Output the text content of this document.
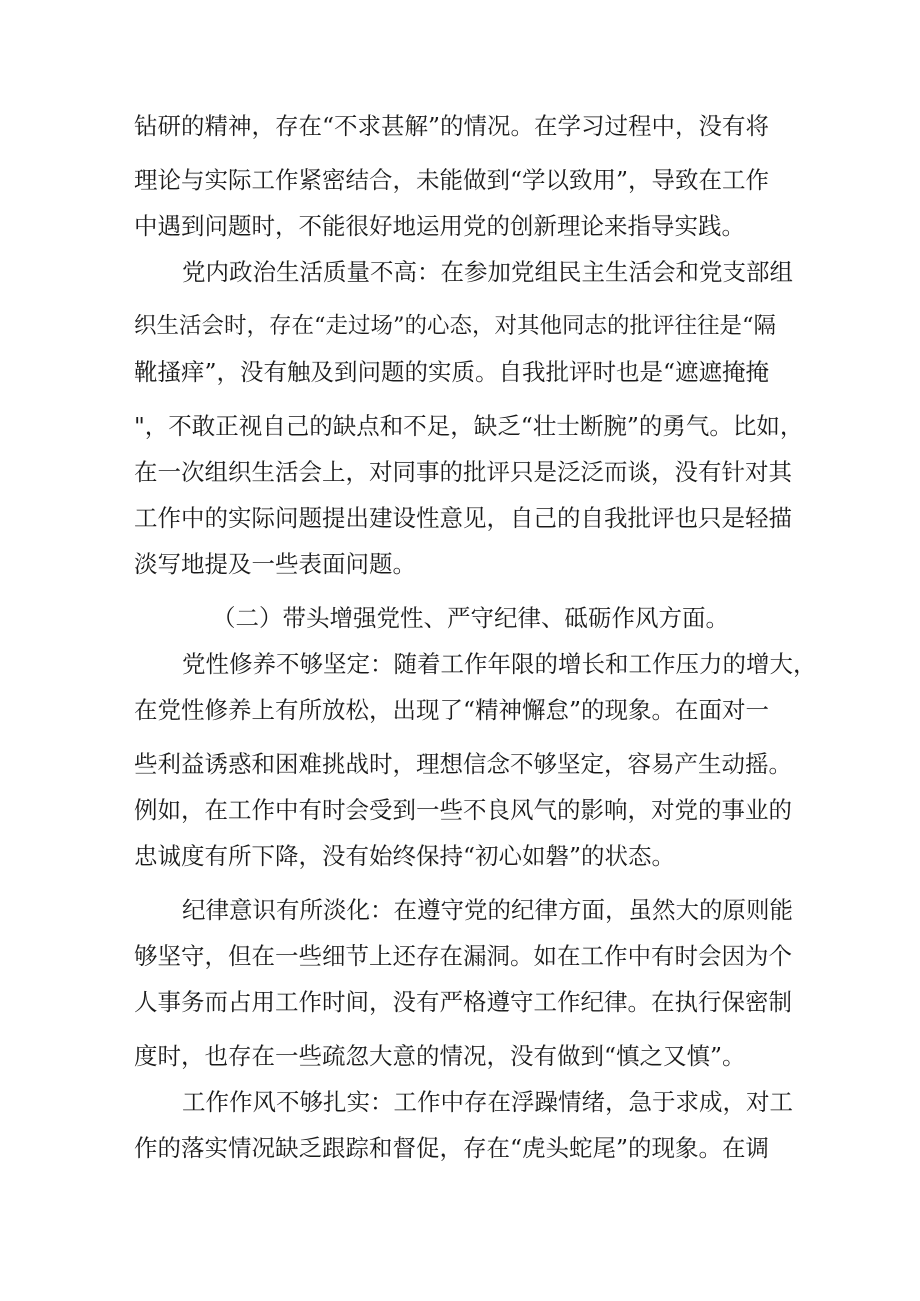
钻研的精神，存在“不求甚解”的情况。在学习过程中，没有将
理论与实际工作紧密结合，未能做到“学以致用”，导致在工作
中遇到问题时，不能很好地运用党的创新理论来指导实践。
党内政治生活质量不高：在参加党组民主生活会和党支部组
织生活会时，存在“走过场”的心态，对其他同志的批评往往是“隔
靴搔痒”，没有触及到问题的实质。自我批评时也是“遮遮掩掩
"，不敢正视自己的缺点和不足，缺乏“壮士断腕”的勇气。比如，
在一次组织生活会上，对同事的批评只是泛泛而谈，没有针对其
工作中的实际问题提出建设性意见，自己的自我批评也只是轻描
淡写地提及一些表面问题。
（二）带头增强党性、严守纪律、砥砺作风方面。
党性修养不够坚定：随着工作年限的增长和工作压力的增大，
在党性修养上有所放松，出现了“精神懈怠”的现象。在面对一
些利益诱惑和困难挑战时，理想信念不够坚定，容易产生动摇。
例如，在工作中有时会受到一些不良风气的影响，对党的事业的
忠诚度有所下降，没有始终保持“初心如磐”的状态。
纪律意识有所淡化：在遵守党的纪律方面，虽然大的原则能
够坚守，但在一些细节上还存在漏洞。如在工作中有时会因为个
人事务而占用工作时间，没有严格遵守工作纪律。在执行保密制
度时，也存在一些疏忽大意的情况，没有做到“慎之又慎”。
工作作风不够扎实：工作中存在浮躁情绪，急于求成，对工
作的落实情况缺乏跟踪和督促，存在“虎头蛇尾”的现象。在调
